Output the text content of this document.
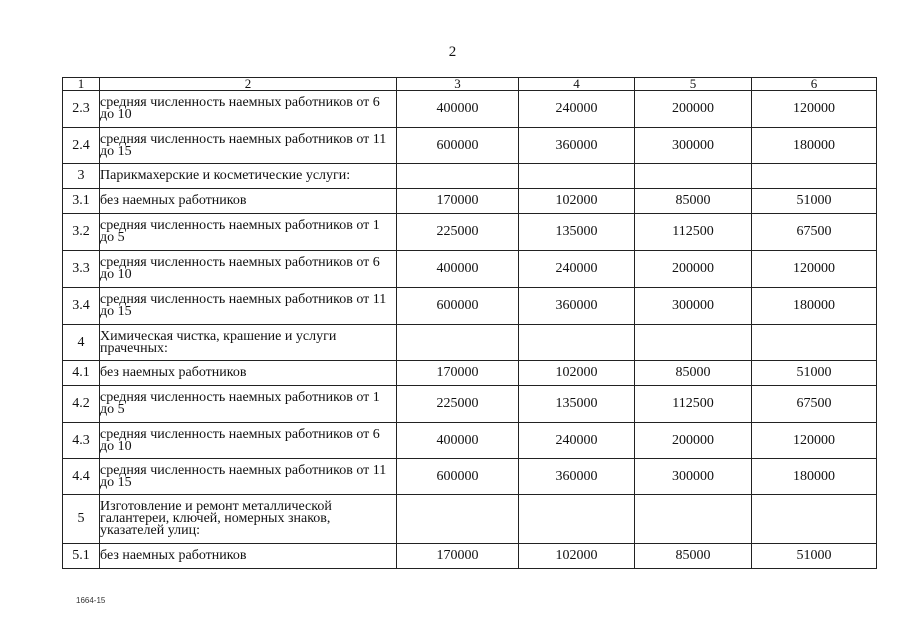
2
1	2	3	4	5	6
2.3	средняя численность наемных работников от 6 до 10	400000	240000	200000	120000
2.4	средняя численность наемных работников от 11 до 15	600000	360000	300000	180000
3	Парикмахерские и косметические услуги:				
3.1	без наемных работников	170000	102000	85000	51000
3.2	средняя численность наемных работников от 1 до 5	225000	135000	112500	67500
3.3	средняя численность наемных работников от 6 до 10	400000	240000	200000	120000
3.4	средняя численность наемных работников от 11 до 15	600000	360000	300000	180000
4	Химическая чистка, крашение и услуги прачечных:				
4.1	без наемных работников	170000	102000	85000	51000
4.2	средняя численность наемных работников от 1 до 5	225000	135000	112500	67500
4.3	средняя численность наемных работников от 6 до 10	400000	240000	200000	120000
4.4	средняя численность наемных работников от 11 до 15	600000	360000	300000	180000
5	Изготовление и ремонт металлической галантереи, ключей, номерных знаков, указателей улиц:				
5.1	без наемных работников	170000	102000	85000	51000
1664-15
